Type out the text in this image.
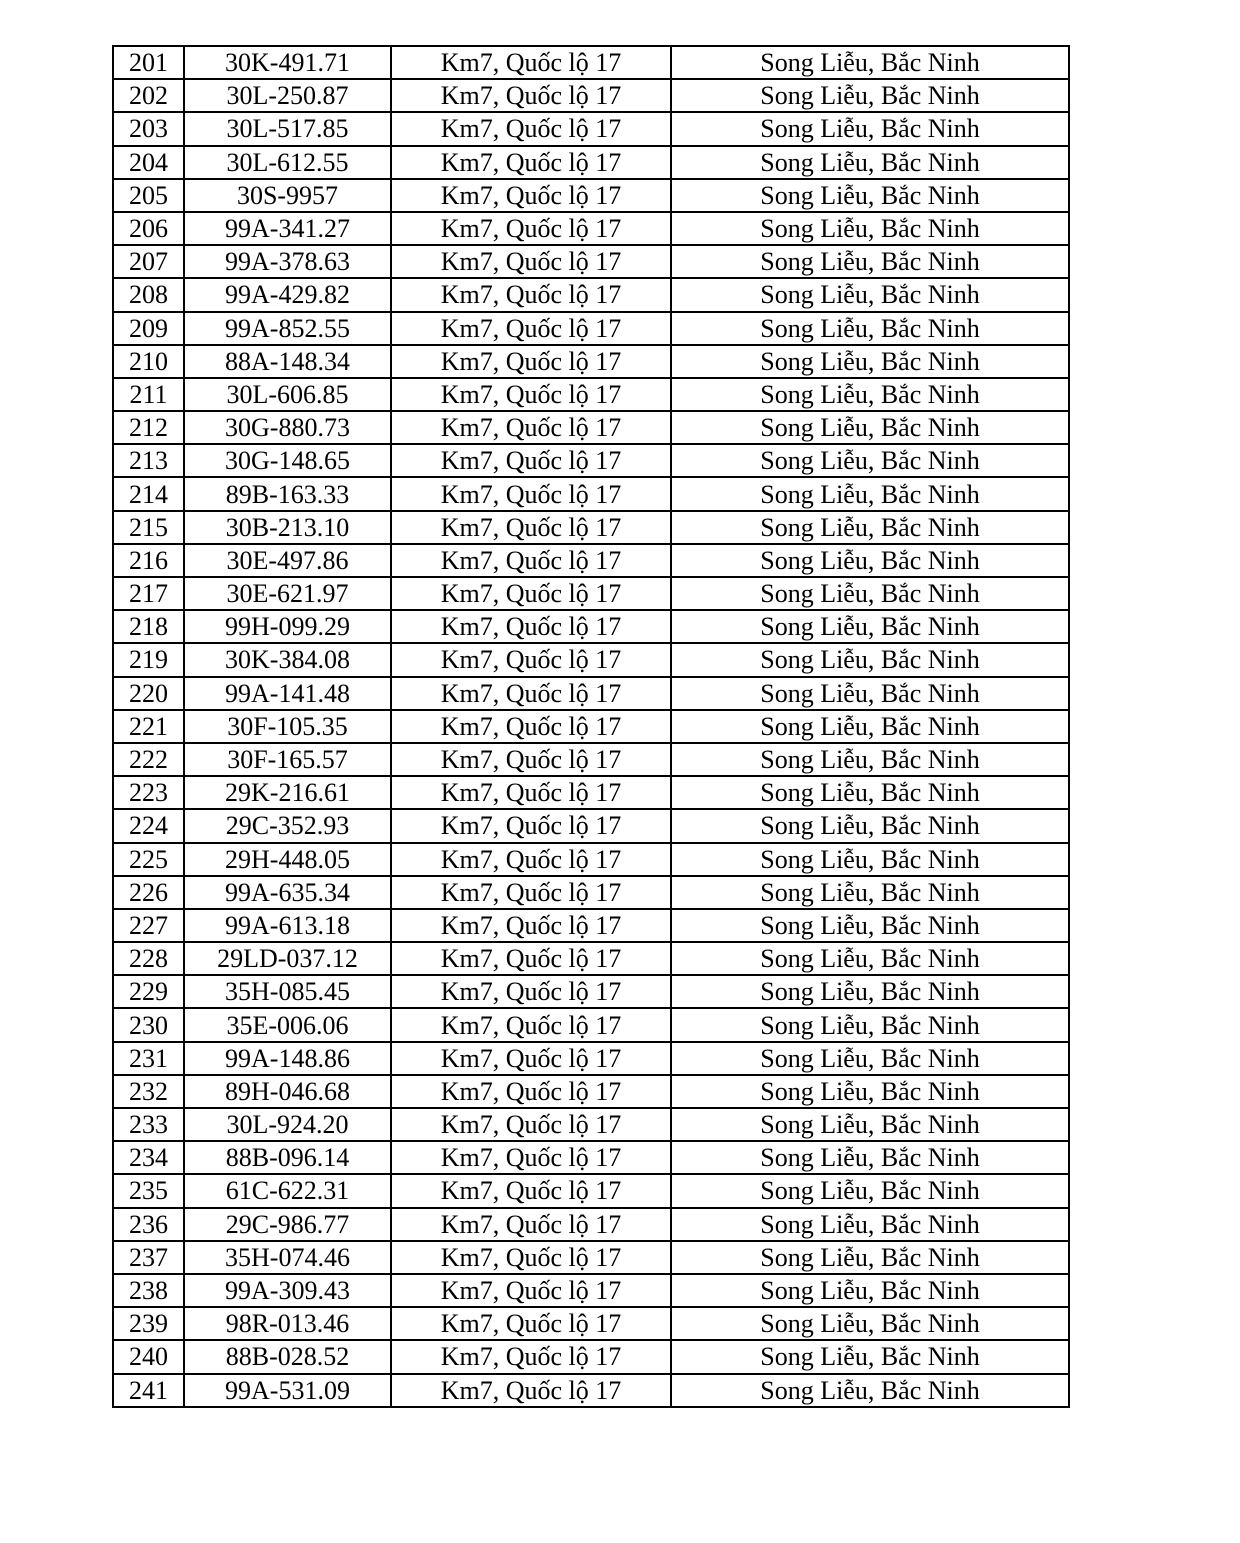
201	30K-491.71	Km7, Quốc lộ 17	Song Liễu, Bắc Ninh
202	30L-250.87	Km7, Quốc lộ 17	Song Liễu, Bắc Ninh
203	30L-517.85	Km7, Quốc lộ 17	Song Liễu, Bắc Ninh
204	30L-612.55	Km7, Quốc lộ 17	Song Liễu, Bắc Ninh
205	30S-9957	Km7, Quốc lộ 17	Song Liễu, Bắc Ninh
206	99A-341.27	Km7, Quốc lộ 17	Song Liễu, Bắc Ninh
207	99A-378.63	Km7, Quốc lộ 17	Song Liễu, Bắc Ninh
208	99A-429.82	Km7, Quốc lộ 17	Song Liễu, Bắc Ninh
209	99A-852.55	Km7, Quốc lộ 17	Song Liễu, Bắc Ninh
210	88A-148.34	Km7, Quốc lộ 17	Song Liễu, Bắc Ninh
211	30L-606.85	Km7, Quốc lộ 17	Song Liễu, Bắc Ninh
212	30G-880.73	Km7, Quốc lộ 17	Song Liễu, Bắc Ninh
213	30G-148.65	Km7, Quốc lộ 17	Song Liễu, Bắc Ninh
214	89B-163.33	Km7, Quốc lộ 17	Song Liễu, Bắc Ninh
215	30B-213.10	Km7, Quốc lộ 17	Song Liễu, Bắc Ninh
216	30E-497.86	Km7, Quốc lộ 17	Song Liễu, Bắc Ninh
217	30E-621.97	Km7, Quốc lộ 17	Song Liễu, Bắc Ninh
218	99H-099.29	Km7, Quốc lộ 17	Song Liễu, Bắc Ninh
219	30K-384.08	Km7, Quốc lộ 17	Song Liễu, Bắc Ninh
220	99A-141.48	Km7, Quốc lộ 17	Song Liễu, Bắc Ninh
221	30F-105.35	Km7, Quốc lộ 17	Song Liễu, Bắc Ninh
222	30F-165.57	Km7, Quốc lộ 17	Song Liễu, Bắc Ninh
223	29K-216.61	Km7, Quốc lộ 17	Song Liễu, Bắc Ninh
224	29C-352.93	Km7, Quốc lộ 17	Song Liễu, Bắc Ninh
225	29H-448.05	Km7, Quốc lộ 17	Song Liễu, Bắc Ninh
226	99A-635.34	Km7, Quốc lộ 17	Song Liễu, Bắc Ninh
227	99A-613.18	Km7, Quốc lộ 17	Song Liễu, Bắc Ninh
228	29LD-037.12	Km7, Quốc lộ 17	Song Liễu, Bắc Ninh
229	35H-085.45	Km7, Quốc lộ 17	Song Liễu, Bắc Ninh
230	35E-006.06	Km7, Quốc lộ 17	Song Liễu, Bắc Ninh
231	99A-148.86	Km7, Quốc lộ 17	Song Liễu, Bắc Ninh
232	89H-046.68	Km7, Quốc lộ 17	Song Liễu, Bắc Ninh
233	30L-924.20	Km7, Quốc lộ 17	Song Liễu, Bắc Ninh
234	88B-096.14	Km7, Quốc lộ 17	Song Liễu, Bắc Ninh
235	61C-622.31	Km7, Quốc lộ 17	Song Liễu, Bắc Ninh
236	29C-986.77	Km7, Quốc lộ 17	Song Liễu, Bắc Ninh
237	35H-074.46	Km7, Quốc lộ 17	Song Liễu, Bắc Ninh
238	99A-309.43	Km7, Quốc lộ 17	Song Liễu, Bắc Ninh
239	98R-013.46	Km7, Quốc lộ 17	Song Liễu, Bắc Ninh
240	88B-028.52	Km7, Quốc lộ 17	Song Liễu, Bắc Ninh
241	99A-531.09	Km7, Quốc lộ 17	Song Liễu, Bắc Ninh
